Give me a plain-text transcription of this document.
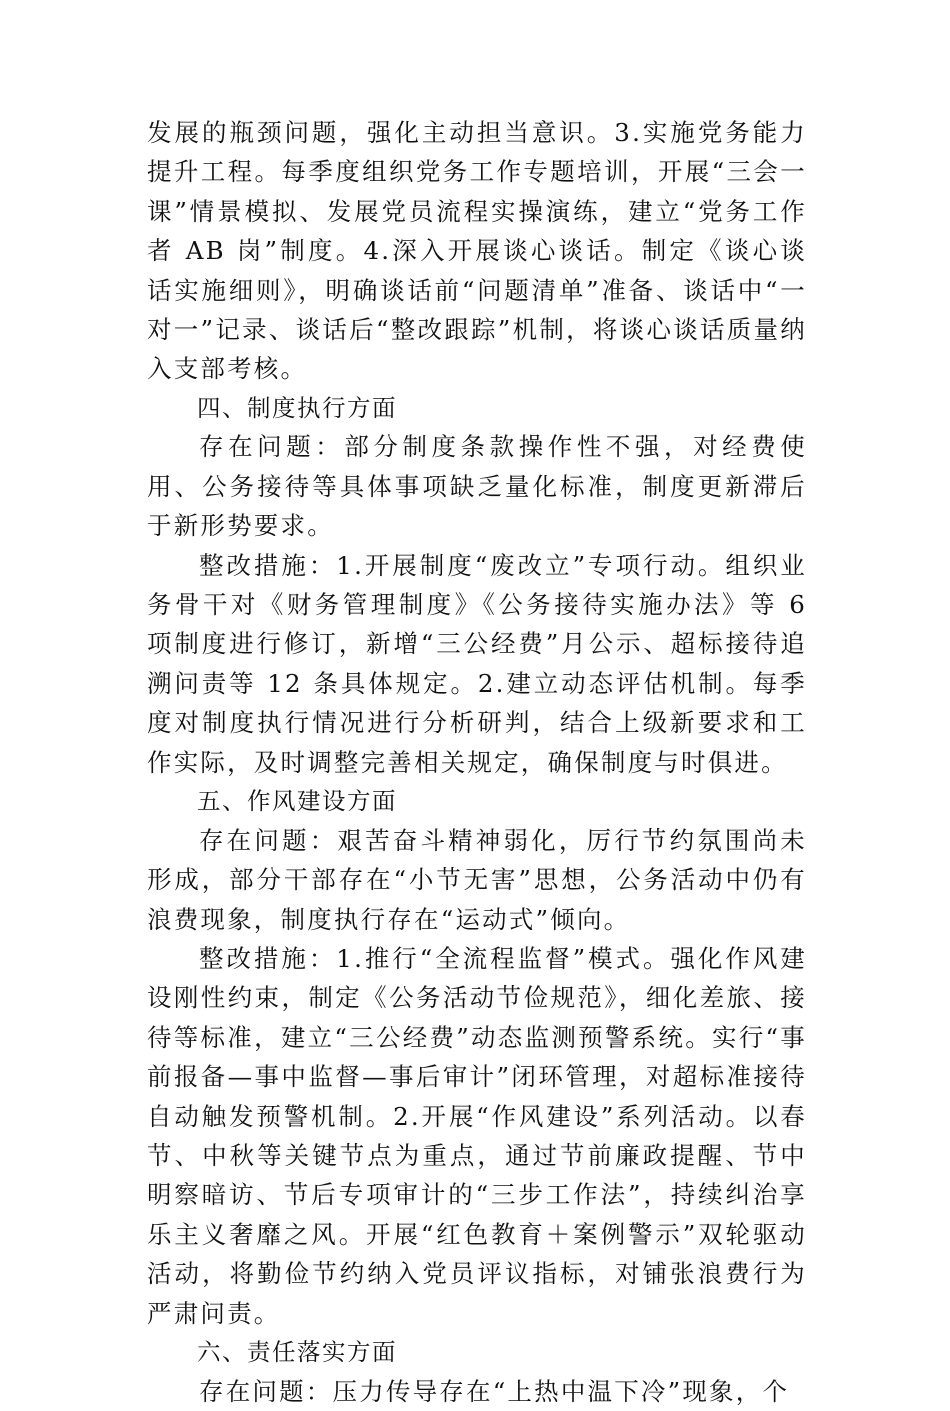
发展的瓶颈问题，强化主动担当意识。3.实施党务能力提升工程。每季度组织党务工作专题培训，开展“三会一课”情景模拟、发展党员流程实操演练，建立“党务工作者 AB 岗”制度。4.深入开展谈心谈话。制定《谈心谈话实施细则》，明确谈话前“问题清单”准备、谈话中“一对一”记录、谈话后“整改跟踪”机制，将谈心谈话质量纳入支部考核。

四、制度执行方面

存在问题：部分制度条款操作性不强，对经费使用、公务接待等具体事项缺乏量化标准，制度更新滞后于新形势要求。

整改措施：1.开展制度“废改立”专项行动。组织业务骨干对《财务管理制度》《公务接待实施办法》等 6 项制度进行修订，新增“三公经费”月公示、超标接待追溯问责等 12 条具体规定。2.建立动态评估机制。每季度对制度执行情况进行分析研判，结合上级新要求和工作实际，及时调整完善相关规定，确保制度与时俱进。

五、作风建设方面

存在问题：艰苦奋斗精神弱化，厉行节约氛围尚未形成，部分干部存在“小节无害”思想，公务活动中仍有浪费现象，制度执行存在“运动式”倾向。

整改措施：1.推行“全流程监督”模式。强化作风建设刚性约束，制定《公务活动节俭规范》，细化差旅、接待等标准，建立“三公经费”动态监测预警系统。实行“事前报备—事中监督—事后审计”闭环管理，对超标准接待自动触发预警机制。2.开展“作风建设”系列活动。以春节、中秋等关键节点为重点，通过节前廉政提醒、节中明察暗访、节后专项审计的“三步工作法”，持续纠治享乐主义奢靡之风。开展“红色教育＋案例警示”双轮驱动活动，将勤俭节约纳入党员评议指标，对铺张浪费行为严肃问责。

六、责任落实方面

存在问题：压力传导存在“上热中温下冷”现象，个
